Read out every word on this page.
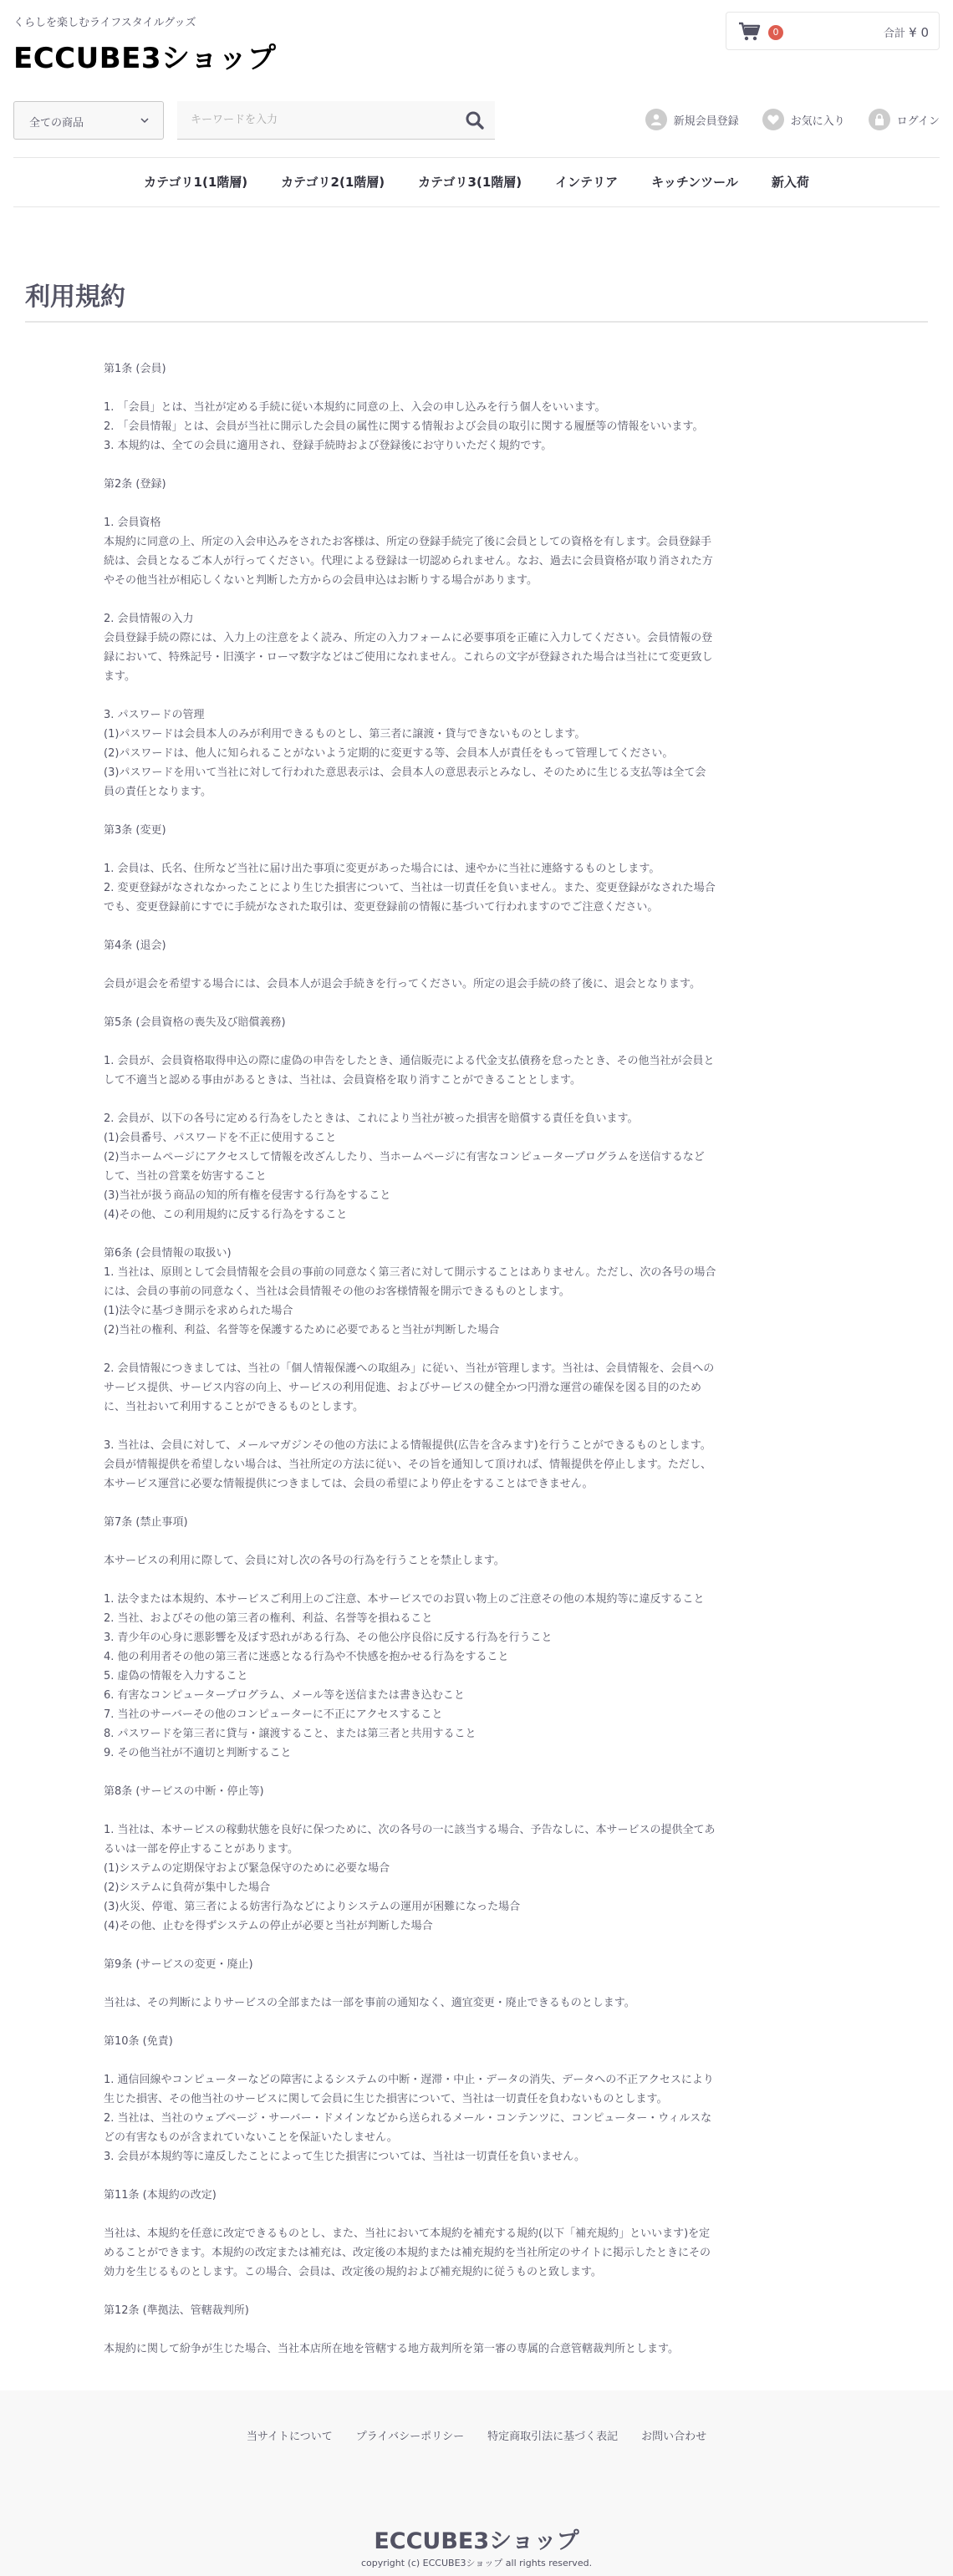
くらしを楽しむライフスタイルグッズ
ECCUBE3ショップ
0	合計 ¥ 0
全ての商品
キーワードを入力	新規会員登録	お気に入り	ログイン
カテゴリ1(1階層)	カテゴリ2(1階層)	カテゴリ3(1階層)	インテリア	キッチンツール	新入荷
利用規約
第1条 (会員)
1. 「会員」とは、当社が定める手続に従い本規約に同意の上、入会の申し込みを行う個人をいいます。
2. 「会員情報」とは、会員が当社に開示した会員の属性に関する情報および会員の取引に関する履歴等の情報をいいます。
3. 本規約は、全ての会員に適用され、登録手続時および登録後にお守りいただく規約です。
第2条 (登録)
1. 会員資格
本規約に同意の上、所定の入会申込みをされたお客様は、所定の登録手続完了後に会員としての資格を有します。会員登録手
続は、会員となるご本人が行ってください。代理による登録は一切認められません。なお、過去に会員資格が取り消された方
やその他当社が相応しくないと判断した方からの会員申込はお断りする場合があります。
2. 会員情報の入力
会員登録手続の際には、入力上の注意をよく読み、所定の入力フォームに必要事項を正確に入力してください。会員情報の登
録において、特殊記号・旧漢字・ローマ数字などはご使用になれません。これらの文字が登録された場合は当社にて変更致し
ます。
3. パスワードの管理
(1)パスワードは会員本人のみが利用できるものとし、第三者に譲渡・貸与できないものとします。
(2)パスワードは、他人に知られることがないよう定期的に変更する等、会員本人が責任をもって管理してください。
(3)パスワードを用いて当社に対して行われた意思表示は、会員本人の意思表示とみなし、そのために生じる支払等は全て会
員の責任となります。
第3条 (変更)
1. 会員は、氏名、住所など当社に届け出た事項に変更があった場合には、速やかに当社に連絡するものとします。
2. 変更登録がなされなかったことにより生じた損害について、当社は一切責任を負いません。また、変更登録がなされた場合
でも、変更登録前にすでに手続がなされた取引は、変更登録前の情報に基づいて行われますのでご注意ください。
第4条 (退会)
会員が退会を希望する場合には、会員本人が退会手続きを行ってください。所定の退会手続の終了後に、退会となります。
第5条 (会員資格の喪失及び賠償義務)
1. 会員が、会員資格取得申込の際に虚偽の申告をしたとき、通信販売による代金支払債務を怠ったとき、その他当社が会員と
して不適当と認める事由があるときは、当社は、会員資格を取り消すことができることとします。
2. 会員が、以下の各号に定める行為をしたときは、これにより当社が被った損害を賠償する責任を負います。
(1)会員番号、パスワードを不正に使用すること
(2)当ホームページにアクセスして情報を改ざんしたり、当ホームページに有害なコンピュータープログラムを送信するなど
して、当社の営業を妨害すること
(3)当社が扱う商品の知的所有権を侵害する行為をすること
(4)その他、この利用規約に反する行為をすること
第6条 (会員情報の取扱い)
1. 当社は、原則として会員情報を会員の事前の同意なく第三者に対して開示することはありません。ただし、次の各号の場合
には、会員の事前の同意なく、当社は会員情報その他のお客様情報を開示できるものとします。
(1)法令に基づき開示を求められた場合
(2)当社の権利、利益、名誉等を保護するために必要であると当社が判断した場合
2. 会員情報につきましては、当社の「個人情報保護への取組み」に従い、当社が管理します。当社は、会員情報を、会員への
サービス提供、サービス内容の向上、サービスの利用促進、およびサービスの健全かつ円滑な運営の確保を図る目的のため
に、当社おいて利用することができるものとします。
3. 当社は、会員に対して、メールマガジンその他の方法による情報提供(広告を含みます)を行うことができるものとします。
会員が情報提供を希望しない場合は、当社所定の方法に従い、その旨を通知して頂ければ、情報提供を停止します。ただし、
本サービス運営に必要な情報提供につきましては、会員の希望により停止をすることはできません。
第7条 (禁止事項)
本サービスの利用に際して、会員に対し次の各号の行為を行うことを禁止します。
1. 法令または本規約、本サービスご利用上のご注意、本サービスでのお買い物上のご注意その他の本規約等に違反すること
2. 当社、およびその他の第三者の権利、利益、名誉等を損ねること
3. 青少年の心身に悪影響を及ぼす恐れがある行為、その他公序良俗に反する行為を行うこと
4. 他の利用者その他の第三者に迷惑となる行為や不快感を抱かせる行為をすること
5. 虚偽の情報を入力すること
6. 有害なコンピュータープログラム、メール等を送信または書き込むこと
7. 当社のサーバーその他のコンピューターに不正にアクセスすること
8. パスワードを第三者に貸与・譲渡すること、または第三者と共用すること
9. その他当社が不適切と判断すること
第8条 (サービスの中断・停止等)
1. 当社は、本サービスの稼動状態を良好に保つために、次の各号の一に該当する場合、予告なしに、本サービスの提供全てあ
るいは一部を停止することがあります。
(1)システムの定期保守および緊急保守のために必要な場合
(2)システムに負荷が集中した場合
(3)火災、停電、第三者による妨害行為などによりシステムの運用が困難になった場合
(4)その他、止むを得ずシステムの停止が必要と当社が判断した場合
第9条 (サービスの変更・廃止)
当社は、その判断によりサービスの全部または一部を事前の通知なく、適宜変更・廃止できるものとします。
第10条 (免責)
1. 通信回線やコンピューターなどの障害によるシステムの中断・遅滞・中止・データの消失、データへの不正アクセスにより
生じた損害、その他当社のサービスに関して会員に生じた損害について、当社は一切責任を負わないものとします。
2. 当社は、当社のウェブページ・サーバー・ドメインなどから送られるメール・コンテンツに、コンピューター・ウィルスな
どの有害なものが含まれていないことを保証いたしません。
3. 会員が本規約等に違反したことによって生じた損害については、当社は一切責任を負いません。
第11条 (本規約の改定)
当社は、本規約を任意に改定できるものとし、また、当社において本規約を補充する規約(以下「補充規約」といいます)を定
めることができます。本規約の改定または補充は、改定後の本規約または補充規約を当社所定のサイトに掲示したときにその
効力を生じるものとします。この場合、会員は、改定後の規約および補充規約に従うものと致します。
第12条 (準拠法、管轄裁判所)
本規約に関して紛争が生じた場合、当社本店所在地を管轄する地方裁判所を第一審の専属的合意管轄裁判所とします。
当サイトについて プライバシーポリシー 特定商取引法に基づく表記 お問い合わせ
ECCUBE3ショップ
copyright (c) ECCUBE3ショップ all rights reserved.
